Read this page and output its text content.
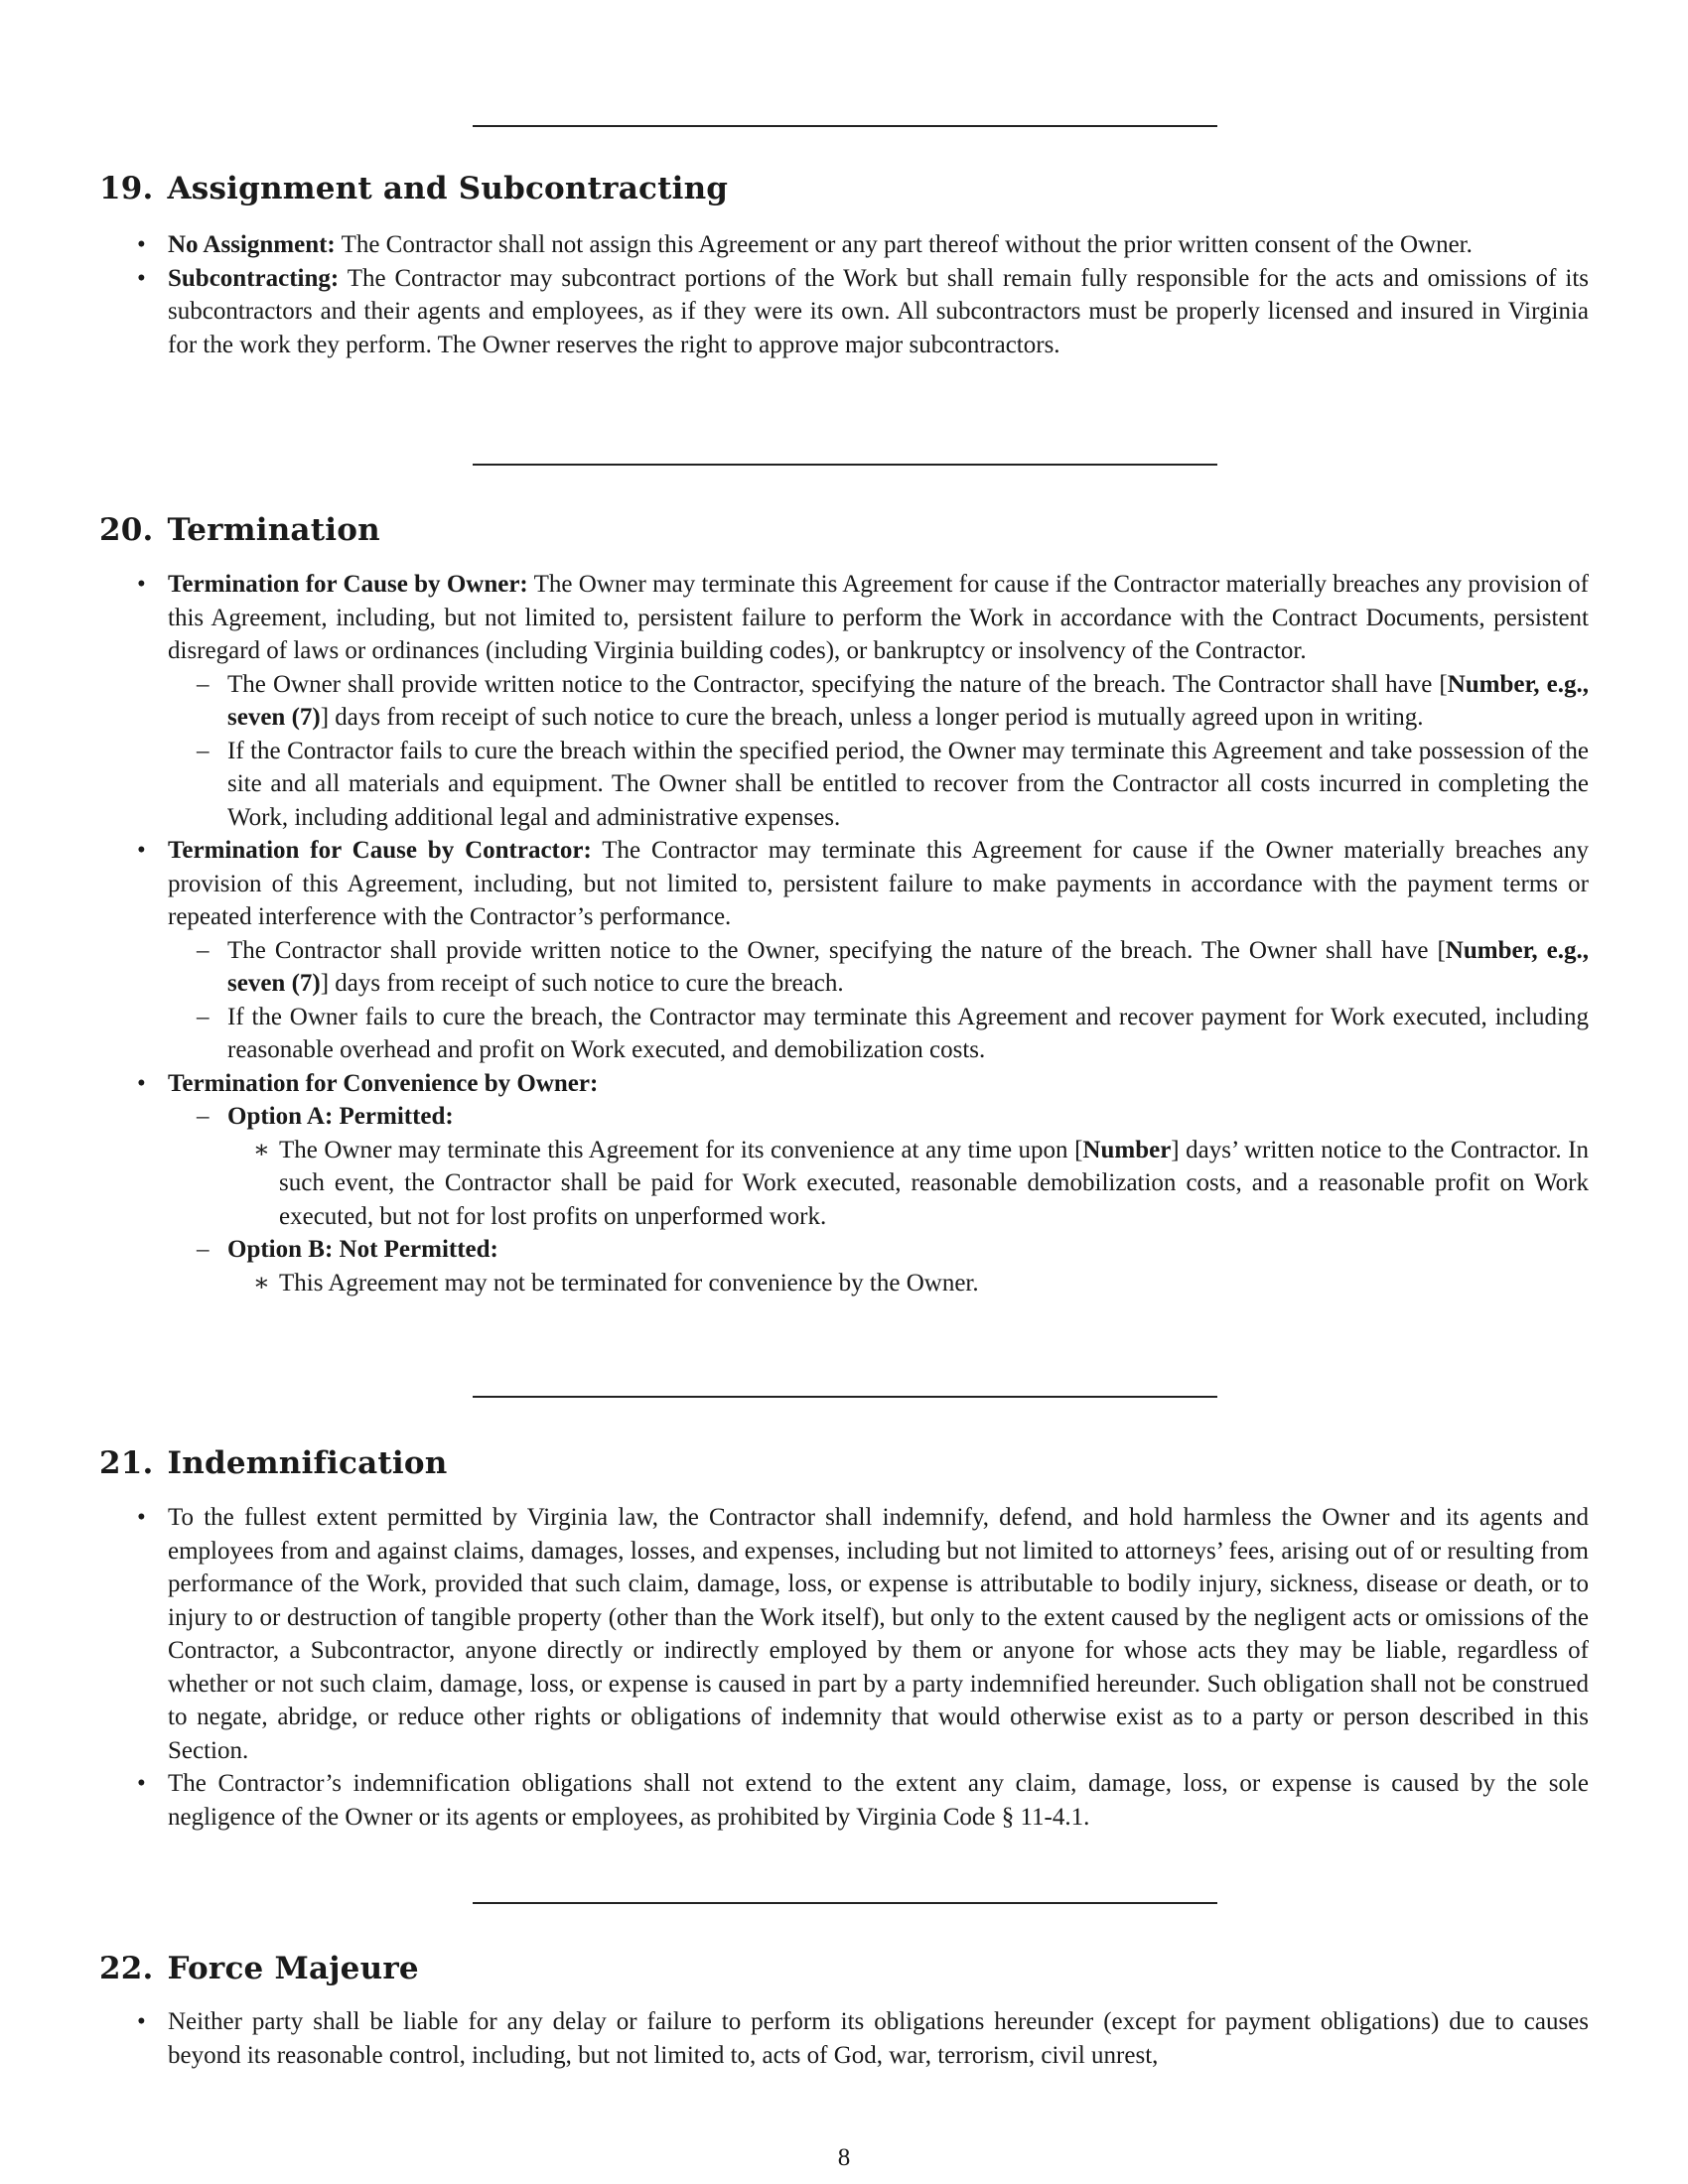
19. Assignment and Subcontracting
• No Assignment: The Contractor shall not assign this Agreement or any part thereof without the prior written consent of the Owner.
• Subcontracting: The Contractor may subcontract portions of the Work but shall remain fully responsible for the acts and omissions of its subcontractors and their agents and employees, as if they were its own. All subcontractors must be properly licensed and insured in Virginia for the work they perform. The Owner reserves the right to approve major subcontractors.
20. Termination
• Termination for Cause by Owner: The Owner may terminate this Agreement for cause if the Contractor materially breaches any provision of this Agreement, including, but not limited to, persistent failure to perform the Work in accordance with the Contract Documents, persistent disregard of laws or ordinances (including Virginia building codes), or bankruptcy or insolvency of the Contractor.
– The Owner shall provide written notice to the Contractor, specifying the nature of the breach. The Contractor shall have [Number, e.g., seven (7)] days from receipt of such notice to cure the breach, unless a longer period is mutually agreed upon in writing.
– If the Contractor fails to cure the breach within the specified period, the Owner may terminate this Agreement and take possession of the site and all materials and equipment. The Owner shall be entitled to recover from the Contractor all costs incurred in completing the Work, including additional legal and administrative expenses.
• Termination for Cause by Contractor: The Contractor may terminate this Agreement for cause if the Owner materially breaches any provision of this Agreement, including, but not limited to, persistent failure to make payments in accordance with the payment terms or repeated interference with the Contractor’s performance.
– The Contractor shall provide written notice to the Owner, specifying the nature of the breach. The Owner shall have [Number, e.g., seven (7)] days from receipt of such notice to cure the breach.
– If the Owner fails to cure the breach, the Contractor may terminate this Agreement and recover payment for Work executed, including reasonable overhead and profit on Work executed, and demobilization costs.
• Termination for Convenience by Owner:
– Option A: Permitted:
∗ The Owner may terminate this Agreement for its convenience at any time upon [Number] days’ written notice to the Contractor. In such event, the Contractor shall be paid for Work executed, reasonable demobilization costs, and a reasonable profit on Work executed, but not for lost profits on unperformed work.
– Option B: Not Permitted:
∗ This Agreement may not be terminated for convenience by the Owner.
21. Indemnification
• To the fullest extent permitted by Virginia law, the Contractor shall indemnify, defend, and hold harmless the Owner and its agents and employees from and against claims, damages, losses, and expenses, including but not limited to attorneys’ fees, arising out of or resulting from performance of the Work, provided that such claim, damage, loss, or expense is attributable to bodily injury, sickness, disease or death, or to injury to or destruction of tangible property (other than the Work itself), but only to the extent caused by the negligent acts or omissions of the Contractor, a Subcontractor, anyone directly or indirectly employed by them or anyone for whose acts they may be liable, regardless of whether or not such claim, damage, loss, or expense is caused in part by a party indemnified hereunder. Such obligation shall not be construed to negate, abridge, or reduce other rights or obligations of indemnity that would otherwise exist as to a party or person described in this Section.
• The Contractor’s indemnification obligations shall not extend to the extent any claim, damage, loss, or expense is caused by the sole negligence of the Owner or its agents or employees, as prohibited by Virginia Code § 11-4.1.
22. Force Majeure
• Neither party shall be liable for any delay or failure to perform its obligations hereunder (except for payment obligations) due to causes beyond its reasonable control, including, but not limited to, acts of God, war, terrorism, civil unrest,
8
